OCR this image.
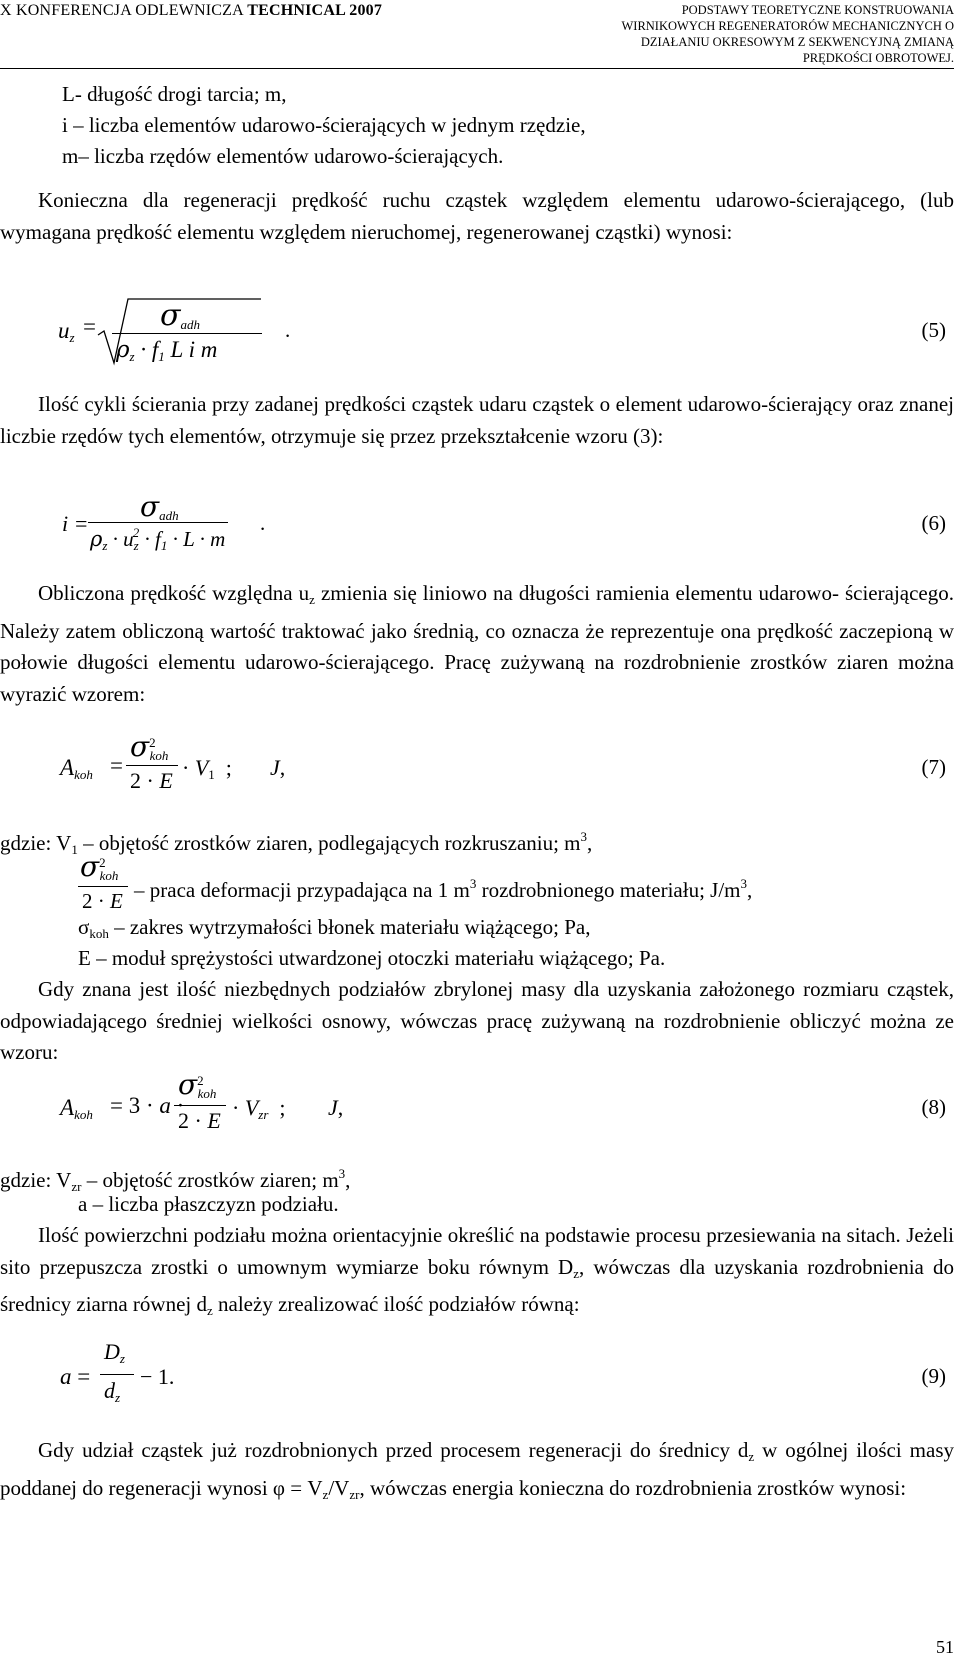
X KONFERENCJA ODLEWNICZA TECHNICAL 2007	PODSTAWY TEORETYCZNE KONSTRUOWANIA
WIRNIKOWYCH REGENERATORÓW MECHANICZNYCH O
DZIAŁANIU OKRESOWYM Z SEKWENCYJNĄ ZMIANĄ
PRĘDKOŚCI OBROTOWEJ.
L- długość drogi tarcia; m,
i – liczba elementów udarowo-ścierających w jednym rzędzie,
m– liczba rzędów elementów udarowo-ścierających.
Konieczna dla regeneracji prędkość ruchu cząstek względem elementu udarowo-ścierającego, (lub wymagana prędkość elementu względem nieruchomej, regenerowanej cząstki) wynosi:
$u_z = \sigma_{adh}$
$\rho_z \cdot f_1$ L i m
.	(5)
Ilość cykli ścierania przy zadanej prędkości cząstek udaru cząstek o element udarowo-ścierający oraz znanej liczbie rzędów tych elementów, otrzymuje się przez przekształcenie wzoru (3):
i =
$\sigma_{adh}$
$\rho_z \cdot u_z^2 \cdot f_1 \cdot L \cdot m$
.	(6)
Obliczona prędkość względna $u_z$ zmienia się liniowo na długości ramienia elementu udarowo- ścierającego. Należy zatem obliczoną wartość traktować jako średnią, co oznacza że reprezentuje ona prędkość zaczepioną w połowie długości elementu udarowo-ścierającego. Pracę zużywaną na rozdrobnienie zrostków ziaren można wyrazić wzorem:
$A_{koh}$ =
$\sigma^2_{koh}$
2 · E
· $V_1$  ; J,	(7)
gdzie: $V_1$ – objętość zrostków ziaren, podlegających rozkruszaniu; $m^3$,
$\sigma^2_{koh}$
2 · E – praca deformacji przypadająca na 1 $m^3$ rozdrobnionego materiału; $J/m^3$,
$\sigma_{koh}$ – zakres wytrzymałości błonek materiału wiążącego; Pa,
E – moduł sprężystości utwardzonej otoczki materiału wiążącego; Pa.
Gdy znana jest ilość niezbędnych podziałów zbrylonej masy dla uzyskania założonego rozmiaru cząstek, odpowiadającego średniej wielkości osnowy, wówczas pracę zużywaną na rozdrobnienie obliczyć można ze wzoru:
$A_{koh} = 3 \cdot a$ ·
$\sigma^2_{koh}$
2 · E
· $V_{zr}$  ; J,	(8)
gdzie: $V_{zr}$ – objętość zrostków ziaren; $m^3$,
a – liczba płaszczyzn podziału.
Ilość powierzchni podziału można orientacyjnie określić na podstawie procesu przesiewania na sitach. Jeżeli sito przepuszcza zrostki o umownym wymiarze boku równym $D_z$, wówczas dla uzyskania rozdrobnienia do średnicy ziarna równej $d_z$ należy zrealizować ilość podziałów równą:
a =
$D_z$
$d_z$
− 1.	(9)
Gdy udział cząstek już rozdrobnionych przed procesem regeneracji do średnicy $d_z$ w ogólnej ilości masy poddanej do regeneracji wynosi $\varphi = V_z/V_{zr}$, wówczas energia konieczna do rozdrobnienia zrostków wynosi:
51
